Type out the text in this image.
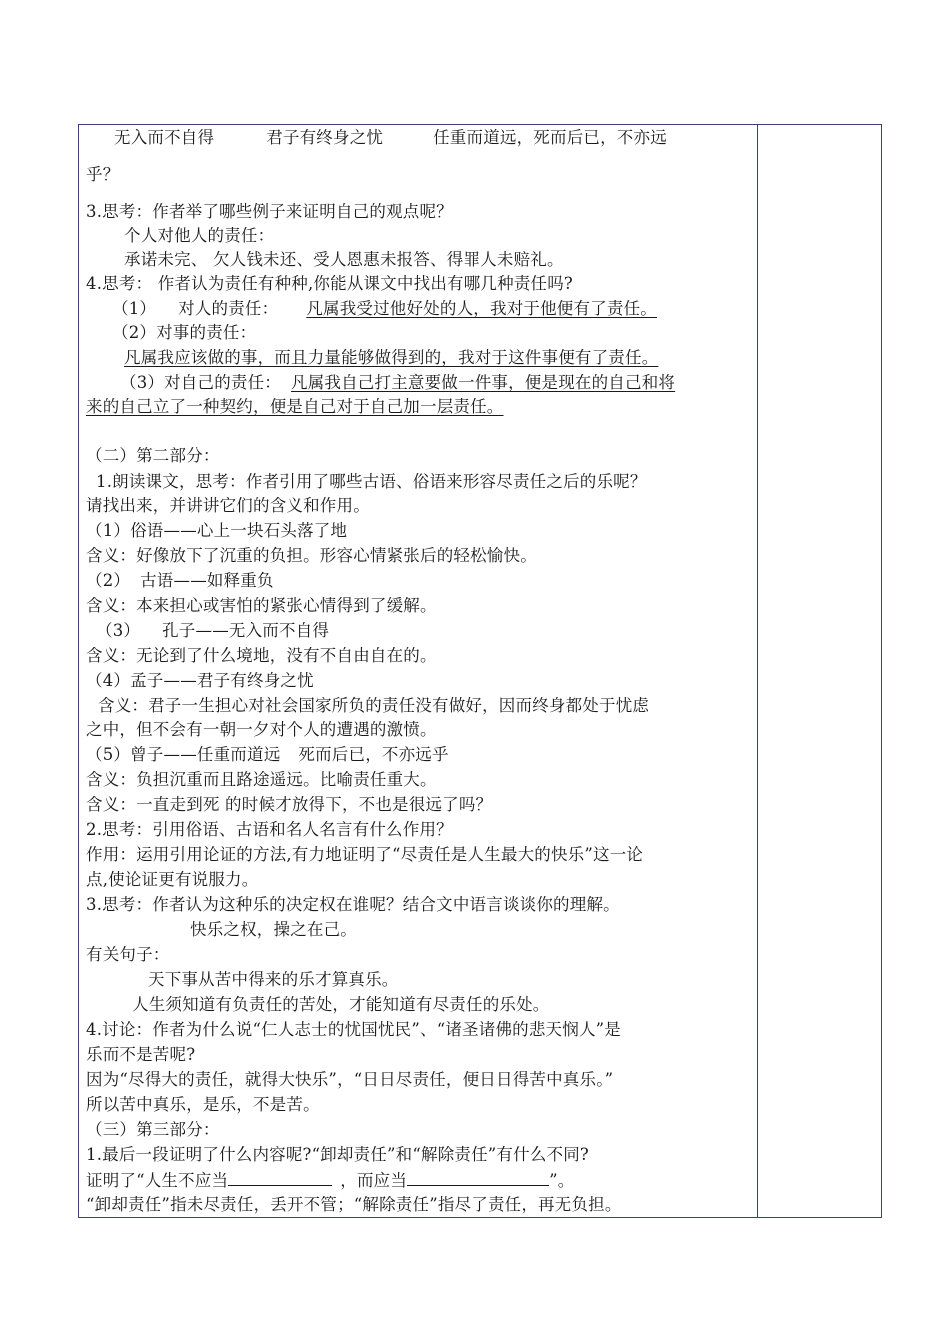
无入而不自得	君子有终身之忧	任重而道远，死而后已，不亦远
乎？
3.思考：作者举了哪些例子来证明自己的观点呢？
个人对他人的责任：
承诺未完、 欠人钱未还、受人恩惠未报答、得罪人未赔礼。
4.思考： 作者认为责任有种种,你能从课文中找出有哪几种责任吗?
（1） 对人的责任： 凡属我受过他好处的人，我对于他便有了责任。
（2）对事的责任：
凡属我应该做的事，而且力量能够做得到的，我对于这件事便有了责任。
（3）对自己的责任： 凡属我自己打主意要做一件事，便是现在的自己和将
来的自己立了一种契约，便是自己对于自己加一层责任。
（二）第二部分：
1.朗读课文，思考：作者引用了哪些古语、俗语来形容尽责任之后的乐呢？
请找出来，并讲讲它们的含义和作用。
（1）俗语——心上一块石头落了地
含义：好像放下了沉重的负担。形容心情紧张后的轻松愉快。
（2） 古语——如释重负
含义：本来担心或害怕的紧张心情得到了缓解。
（3） 孔子——无入而不自得
含义：无论到了什么境地，没有不自由自在的。
（4）孟子——君子有终身之忧
含义：君子一生担心对社会国家所负的责任没有做好，因而终身都处于忧虑
之中，但不会有一朝一夕对个人的遭遇的激愤。
（5）曾子——任重而道远 死而后已，不亦远乎
含义：负担沉重而且路途遥远。比喻责任重大。
含义：一直走到死 的时候才放得下，不也是很远了吗？
2.思考：引用俗语、古语和名人名言有什么作用？
作用：运用引用论证的方法,有力地证明了“尽责任是人生最大的快乐”这一论
点,使论证更有说服力。
3.思考：作者认为这种乐的决定权在谁呢？结合文中语言谈谈你的理解。
快乐之权，操之在己。
有关句子：
天下事从苦中得来的乐才算真乐。
人生须知道有负责任的苦处，才能知道有尽责任的乐处。
4.讨论：作者为什么说“仁人志士的忧国忧民”、“诸圣诸佛的悲天悯人”是
乐而不是苦呢?
因为“尽得大的责任，就得大快乐”，“日日尽责任，便日日得苦中真乐。”
所以苦中真乐，是乐，不是苦。
（三）第三部分：
1.最后一段证明了什么内容呢?“卸却责任”和“解除责任”有什么不同?
证明了“人生不应当	，而应当	”。
“卸却责任”指未尽责任，丢开不管；“解除责任”指尽了责任，再无负担。
